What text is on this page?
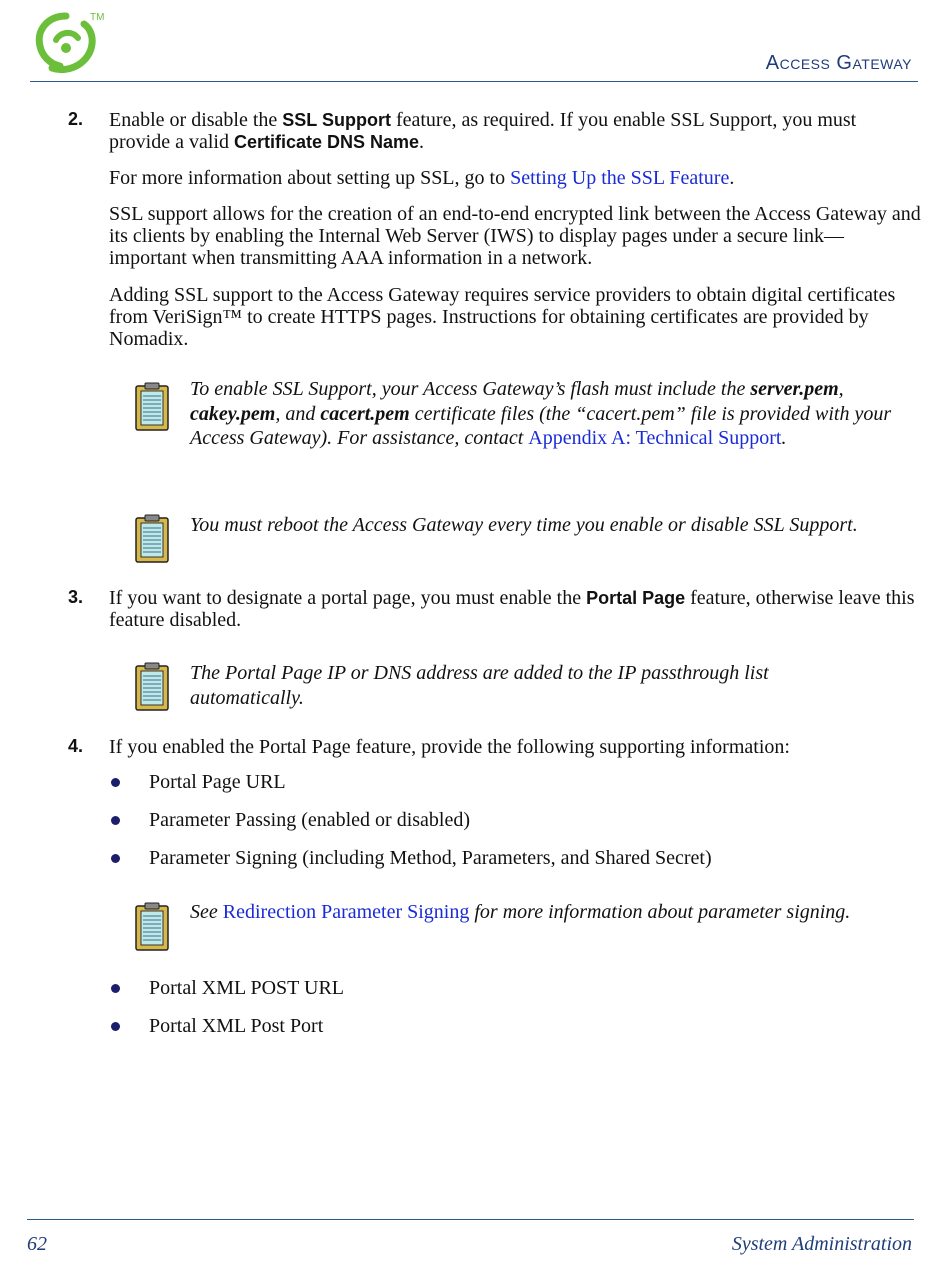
TM
Access Gateway
2. Enable or disable the SSL Support feature, as required. If you enable SSL Support, you must provide a valid Certificate DNS Name.
For more information about setting up SSL, go to Setting Up the SSL Feature.
SSL support allows for the creation of an end-to-end encrypted link between the Access Gateway and its clients by enabling the Internal Web Server (IWS) to display pages under a secure link—important when transmitting AAA information in a network.
Adding SSL support to the Access Gateway requires service providers to obtain digital certificates from VeriSign™ to create HTTPS pages. Instructions for obtaining certificates are provided by Nomadix.
To enable SSL Support, your Access Gateway’s flash must include the server.pem, cakey.pem, and cacert.pem certificate files (the “cacert.pem” file is provided with your Access Gateway). For assistance, contact Appendix A: Technical Support.
You must reboot the Access Gateway every time you enable or disable SSL Support.
3. If you want to designate a portal page, you must enable the Portal Page feature, otherwise leave this feature disabled.
The Portal Page IP or DNS address are added to the IP passthrough list automatically.
4. If you enabled the Portal Page feature, provide the following supporting information:
Portal Page URL
Parameter Passing (enabled or disabled)
Parameter Signing (including Method, Parameters, and Shared Secret)
See Redirection Parameter Signing for more information about parameter signing.
Portal XML POST URL
Portal XML Post Port
62	System Administration
